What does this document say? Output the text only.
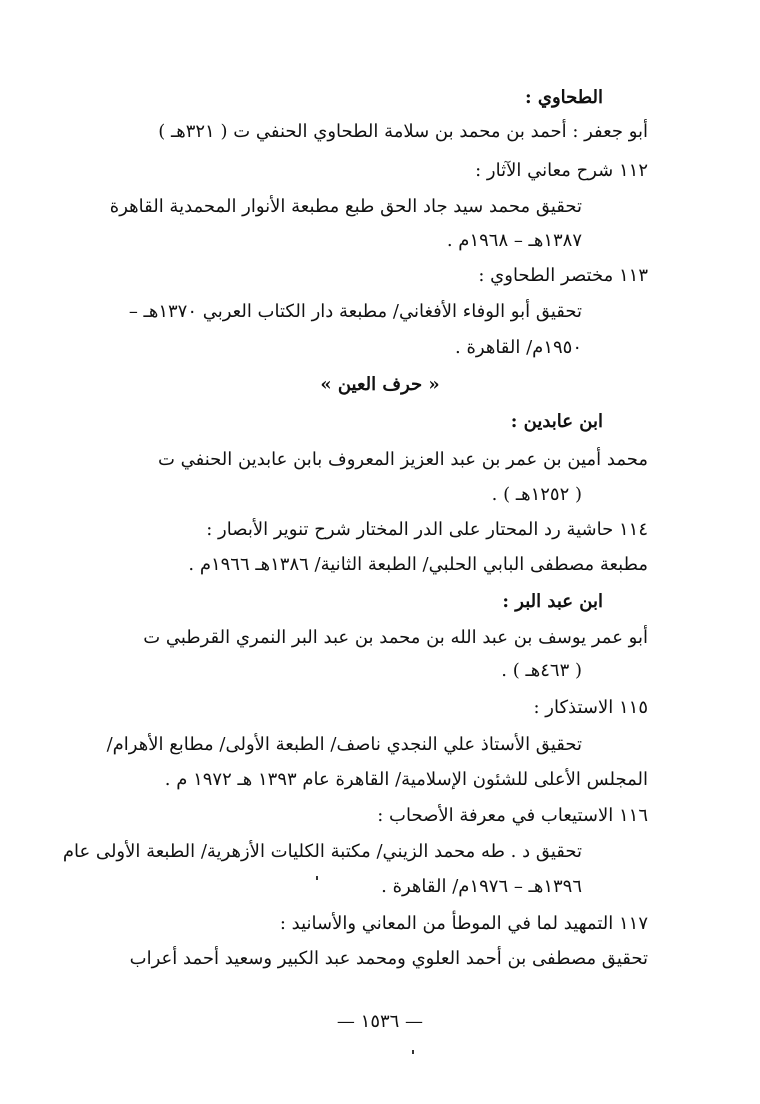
الطحاوي :
أبو جعفر : أحمد بن محمد بن سلامة الطحاوي الحنفي ت ( ٣٢١هـ )
١١٢ شرح معاني الآثار :
تحقيق محمد سيد جاد الحق طبع مطبعة الأنوار المحمدية القاهرة
١٣٨٧هـ – ١٩٦٨م .
١١٣ مختصر الطحاوي :
تحقيق أبو الوفاء الأفغاني/ مطبعة دار الكتاب العربي ١٣٧٠هـ –
١٩٥٠م/ القاهرة .
« حرف العين »
ابن عابدين :
محمد أمين بن عمر بن عبد العزيز المعروف بابن عابدين الحنفي ت
( ١٢٥٢هـ ) .
١١٤ حاشية رد المحتار على الدر المختار شرح تنوير الأبصار :
مطبعة مصطفى البابي الحلبي/ الطبعة الثانية/ ١٣٨٦هـ ١٩٦٦م .
ابن عبد البر :
أبو عمر يوسف بن عبد الله بن محمد بن عبد البر النمري القرطبي ت
( ٤٦٣هـ ) .
١١٥ الاستذكار :
تحقيق الأستاذ علي النجدي ناصف/ الطبعة الأولى/ مطابع الأهرام/
المجلس الأعلى للشئون الإسلامية/ القاهرة عام ١٣٩٣ هـ ١٩٧٢ م .
١١٦ الاستيعاب في معرفة الأصحاب :
تحقيق د . طه محمد الزيني/ مكتبة الكليات الأزهرية/ الطبعة الأولى عام
١٣٩٦هـ – ١٩٧٦م/ القاهرة .
١١٧ التمهيد لما في الموطأ من المعاني والأسانيد :
تحقيق مصطفى بن أحمد العلوي ومحمد عبد الكبير وسعيد أحمد أعراب
— ١٥٣٦ —
